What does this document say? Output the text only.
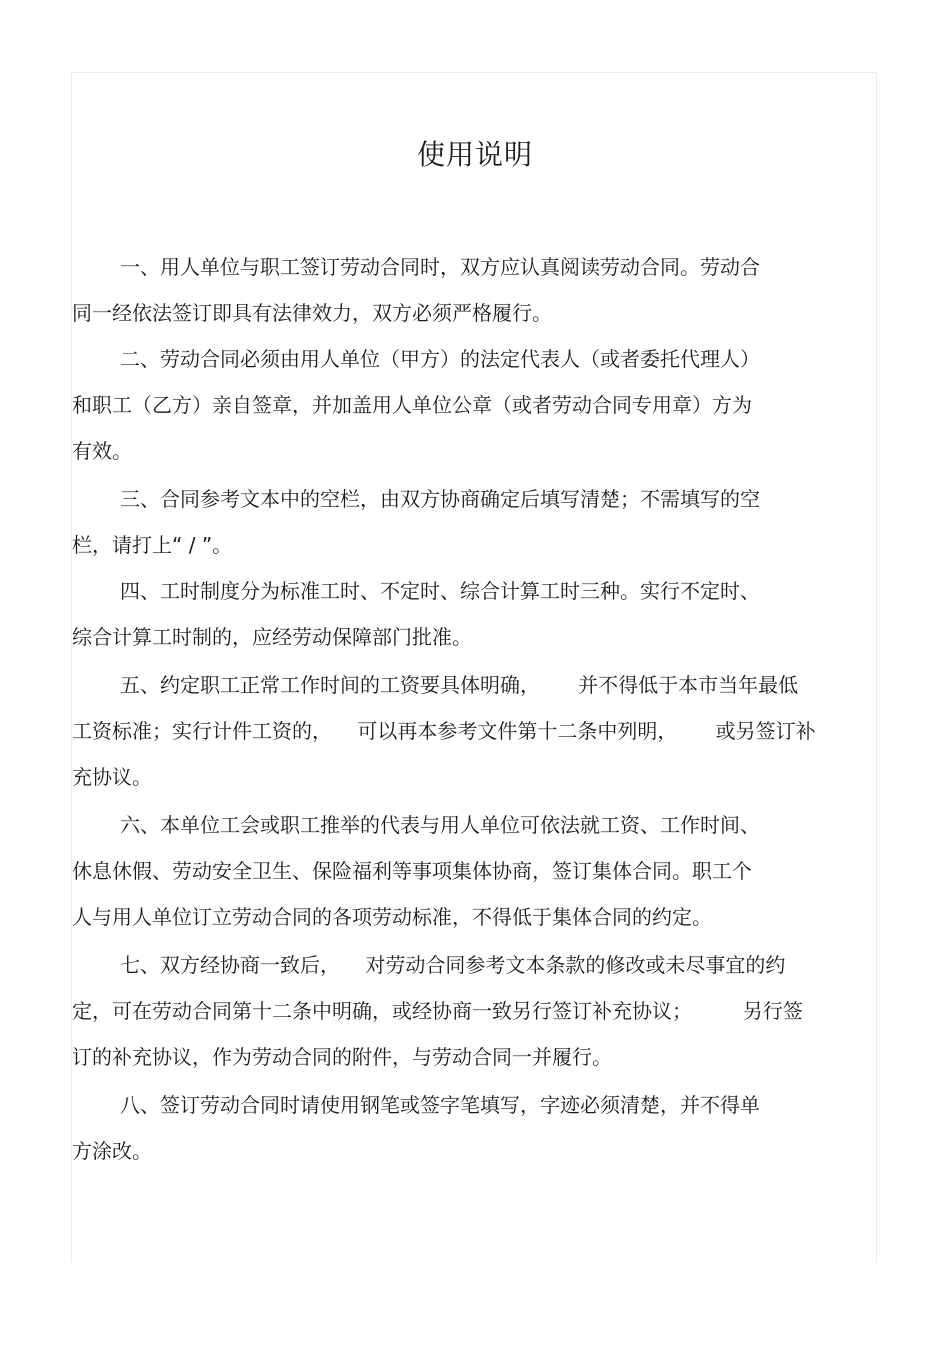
使用说明
一、用人单位与职工签订劳动合同时，双方应认真阅读劳动合同。劳动合
同一经依法签订即具有法律效力，双方必须严格履行。
二、劳动合同必须由用人单位（甲方）的法定代表人（或者委托代理人）
和职工（乙方）亲自签章，并加盖用人单位公章（或者劳动合同专用章）方为
有效。
三、合同参考文本中的空栏，由双方协商确定后填写清楚；不需填写的空
栏，请打上“ / ”。
四、工时制度分为标准工时、不定时、综合计算工时三种。实行不定时、
综合计算工时制的，应经劳动保障部门批准。
五、约定职工正常工作时间的工资要具体明确，      并不得低于本市当年最低
工资标准；实行计件工资的，    可以再本参考文件第十二条中列明，      或另签订补
充协议。
六、本单位工会或职工推举的代表与用人单位可依法就工资、工作时间、
休息休假、劳动安全卫生、保险福利等事项集体协商，签订集体合同。职工个
人与用人单位订立劳动合同的各项劳动标准，不得低于集体合同的约定。
七、双方经协商一致后，    对劳动合同参考文本条款的修改或未尽事宜的约
定，可在劳动合同第十二条中明确，或经协商一致另行签订补充协议；        另行签
订的补充协议，作为劳动合同的附件，与劳动合同一并履行。
八、签订劳动合同时请使用钢笔或签字笔填写，字迹必须清楚，并不得单
方涂改。
